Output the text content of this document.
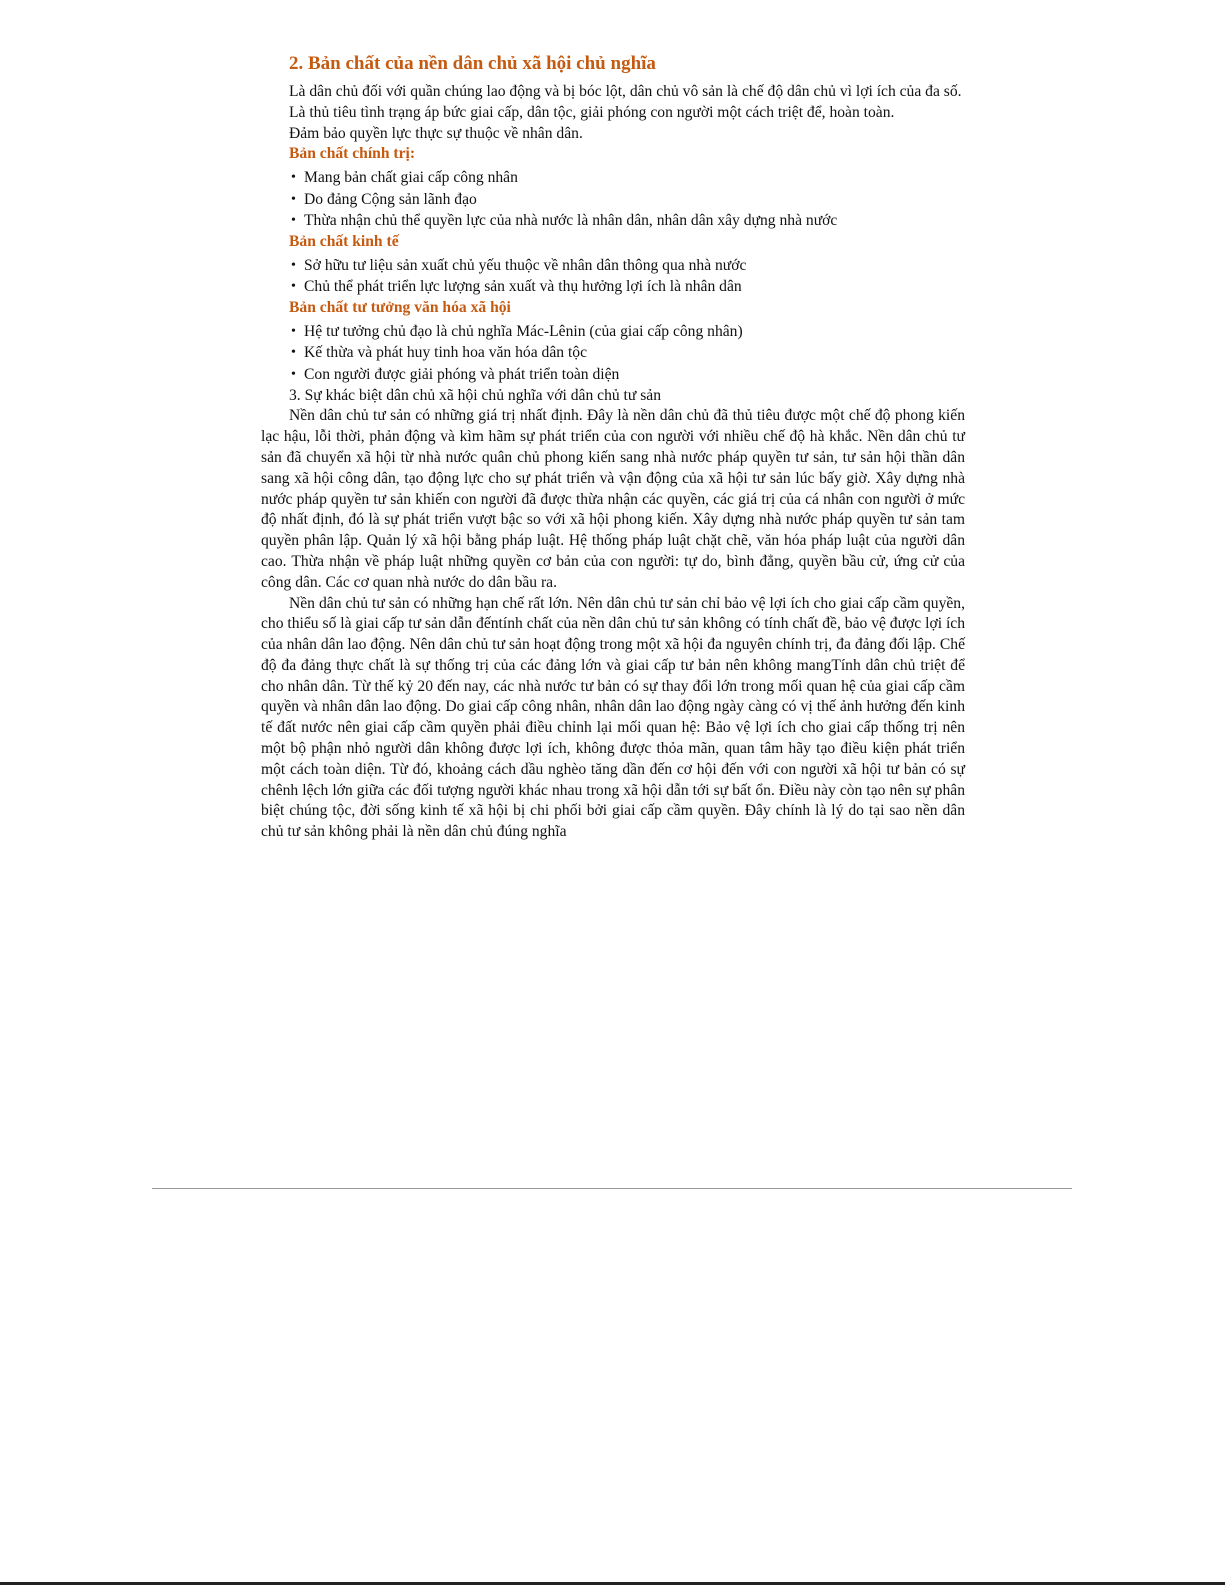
2. Bản chất của nền dân chủ xã hội chủ nghĩa

Là dân chủ đối với quần chúng lao động và bị bóc lột, dân chủ vô sản là chế độ dân chủ vì lợi ích của đa số.

Là thủ tiêu tình trạng áp bức giai cấp, dân tộc, giải phóng con người một cách triệt để, hoàn toàn.

Đảm bảo quyền lực thực sự thuộc về nhân dân.

Bản chất chính trị:
• Mang bản chất giai cấp công nhân
• Do đảng Cộng sản lãnh đạo
• Thừa nhận chủ thể quyền lực của nhà nước là nhân dân, nhân dân xây dựng nhà nước
Bản chất kinh tế
• Sở hữu tư liệu sản xuất chủ yếu thuộc về nhân dân thông qua nhà nước
• Chủ thể phát triển lực lượng sản xuất và thụ hưởng lợi ích là nhân dân
Bản chất tư tưởng văn hóa xã hội
• Hệ tư tưởng chủ đạo là chủ nghĩa Mác-Lênin (của giai cấp công nhân)
• Kế thừa và phát huy tinh hoa văn hóa dân tộc
• Con người được giải phóng và phát triển toàn diện
3. Sự khác biệt dân chủ xã hội chủ nghĩa với dân chủ tư sản

Nền dân chủ tư sản có những giá trị nhất định. Đây là nền dân chủ đã thủ tiêu được một chế độ phong kiến lạc hậu, lỗi thời, phản động và kìm hãm sự phát triển của con người với nhiều chế độ hà khắc. Nền dân chủ tư sản đã chuyển xã hội từ nhà nước quân chủ phong kiến sang nhà nước pháp quyền tư sản, tư sản hội thần dân sang xã hội công dân, tạo động lực cho sự phát triển và vận động của xã hội tư sản lúc bấy giờ. Xây dựng nhà nước pháp quyền tư sản khiến con người đã được thừa nhận các quyền, các giá trị của cá nhân con người ở mức độ nhất định, đó là sự phát triển vượt bậc so với xã hội phong kiến. Xây dựng nhà nước pháp quyền tư sản tam quyền phân lập. Quản lý xã hội bằng pháp luật. Hệ thống pháp luật chặt chẽ, văn hóa pháp luật của người dân cao. Thừa nhận về pháp luật những quyền cơ bản của con người: tự do, bình đẳng, quyền bầu cử, ứng cử của công dân. Các cơ quan nhà nước do dân bầu ra.

Nền dân chủ tư sản có những hạn chế rất lớn. Nên dân chủ tư sản chỉ bảo vệ lợi ích cho giai cấp cầm quyền, cho thiểu số là giai cấp tư sản dẫn đếntính chất của nền dân chủ tư sản không có tính chất đề, bảo vệ được lợi ích của nhân dân lao động. Nên dân chủ tư sản hoạt động trong một xã hội đa nguyên chính trị, đa đảng đối lập. Chế độ đa đảng thực chất là sự thống trị của các đảng lớn và giai cấp tư bản nên không mangTính dân chủ triệt để cho nhân dân. Từ thế kỷ 20 đến nay, các nhà nước tư bản có sự thay đổi lớn trong mối quan hệ của giai cấp cầm quyền và nhân dân lao động. Do giai cấp công nhân, nhân dân lao động ngày càng có vị thế ảnh hưởng đến kinh tế đất nước nên giai cấp cầm quyền phải điều chỉnh lại mối quan hệ: Bảo vệ lợi ích cho giai cấp thống trị nên một bộ phận nhỏ người dân không được lợi ích, không được thỏa mãn, quan tâm hãy tạo điều kiện phát triển một cách toàn diện. Từ đó, khoảng cách dầu nghèo tăng dần đến cơ hội đến với con người xã hội tư bản có sự chênh lệch lớn giữa các đối tượng người khác nhau trong xã hội dẫn tới sự bất ổn. Điều này còn tạo nên sự phân biệt chúng tộc, đời sống kinh tế xã hội bị chi phối bởi giai cấp cầm quyền. Đây chính là lý do tại sao nền dân chủ tư sản không phải là nền dân chủ đúng nghĩa
